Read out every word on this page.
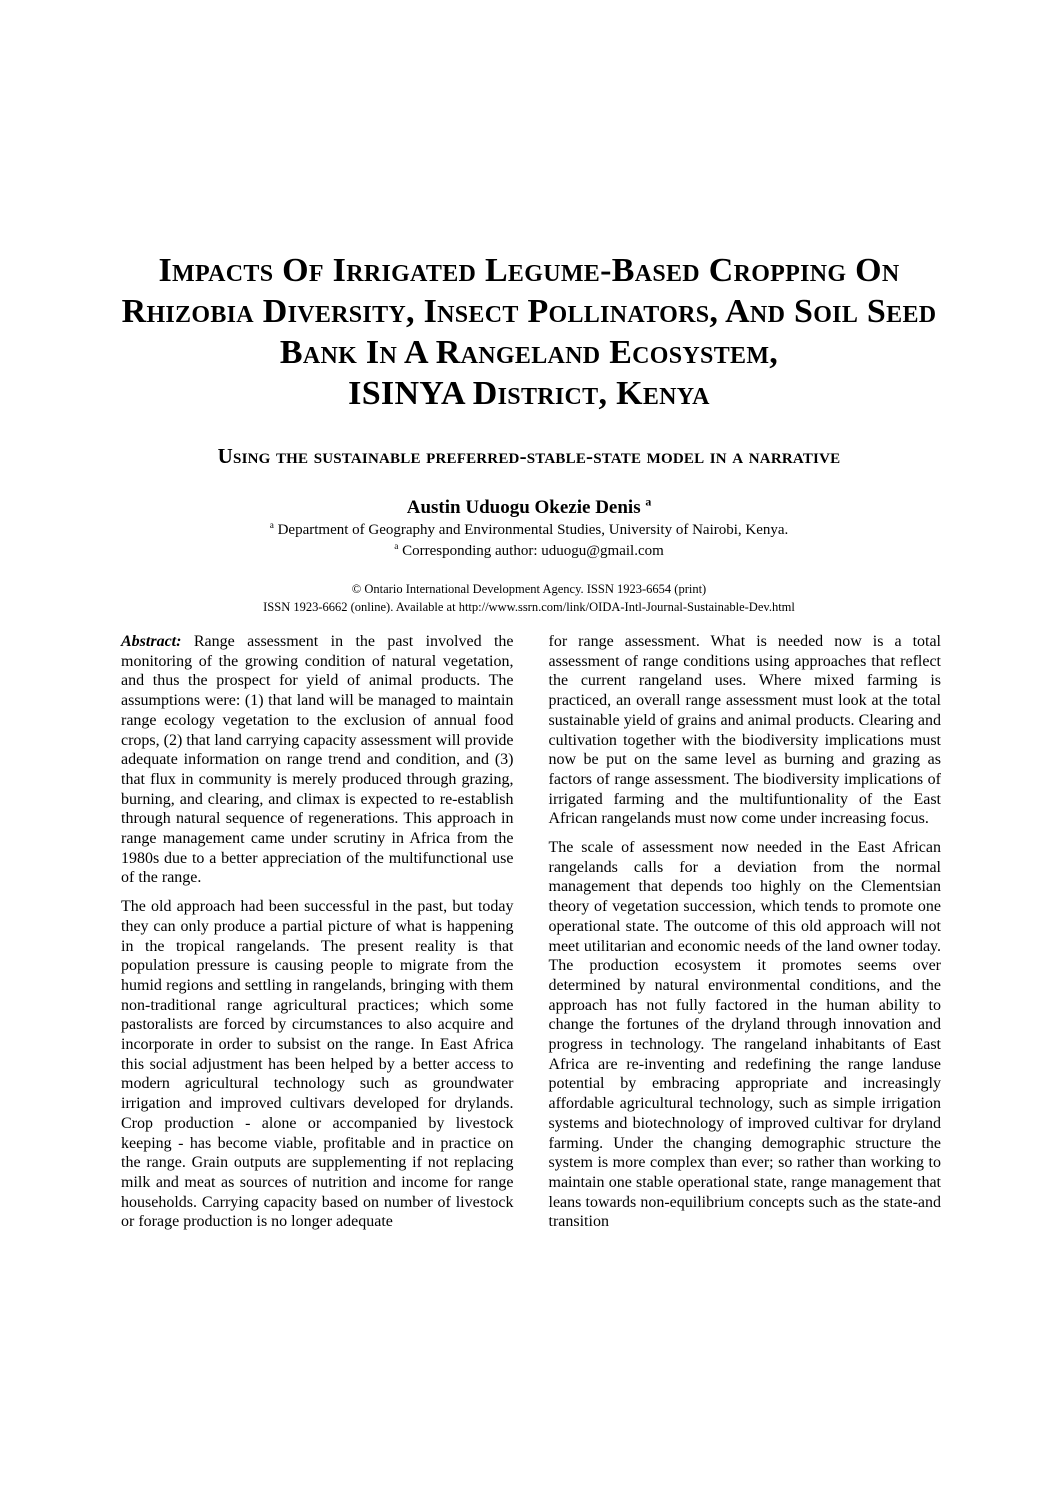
Impacts Of Irrigated Legume-Based Cropping On
Rhizobia Diversity, Insect Pollinators, And Soil Seed
Bank In A Rangeland Ecosystem,
ISINYA District, Kenya
Using the sustainable preferred-stable-state model in a narrative
Austin Uduogu Okezie Denis $^a$
$^a$ Department of Geography and Environmental Studies, University of Nairobi, Kenya.
$^a$ Corresponding author: uduogu@gmail.com
© Ontario International Development Agency. ISSN 1923-6654 (print)
ISSN 1923-6662 (online). Available at http://www.ssrn.com/link/OIDA-Intl-Journal-Sustainable-Dev.html

Abstract: Range assessment in the past involved the monitoring of the growing condition of natural vegetation, and thus the prospect for yield of animal products. The assumptions were: (1) that land will be managed to maintain range ecology vegetation to the exclusion of annual food crops, (2) that land carrying capacity assessment will provide adequate information on range trend and condition, and (3) that flux in community is merely produced through grazing, burning, and clearing, and climax is expected to re-establish through natural sequence of regenerations. This approach in range management came under scrutiny in Africa from the 1980s due to a better appreciation of the multifunctional use of the range.

The old approach had been successful in the past, but today they can only produce a partial picture of what is happening in the tropical rangelands. The present reality is that population pressure is causing people to migrate from the humid regions and settling in rangelands, bringing with them non-traditional range agricultural practices; which some pastoralists are forced by circumstances to also acquire and incorporate in order to subsist on the range. In East Africa this social adjustment has been helped by a better access to modern agricultural technology such as groundwater irrigation and improved cultivars developed for drylands. Crop production - alone or accompanied by livestock keeping - has become viable, profitable and in practice on the range. Grain outputs are supplementing if not replacing milk and meat as sources of nutrition and income for range households. Carrying capacity based on number of livestock or forage production is no longer adequate

for range assessment. What is needed now is a total assessment of range conditions using approaches that reflect the current rangeland uses. Where mixed farming is practiced, an overall range assessment must look at the total sustainable yield of grains and animal products. Clearing and cultivation together with the biodiversity implications must now be put on the same level as burning and grazing as factors of range assessment. The biodiversity implications of irrigated farming and the multifuntionality of the East African rangelands must now come under increasing focus.

The scale of assessment now needed in the East African rangelands calls for a deviation from the normal management that depends too highly on the Clementsian theory of vegetation succession, which tends to promote one operational state. The outcome of this old approach will not meet utilitarian and economic needs of the land owner today. The production ecosystem it promotes seems over determined by natural environmental conditions, and the approach has not fully factored in the human ability to change the fortunes of the dryland through innovation and progress in technology. The rangeland inhabitants of East Africa are re-inventing and redefining the range landuse potential by embracing appropriate and increasingly affordable agricultural technology, such as simple irrigation systems and biotechnology of improved cultivar for dryland farming. Under the changing demographic structure the system is more complex than ever; so rather than working to maintain one stable operational state, range management that leans towards non-equilibrium concepts such as the state-and transition
